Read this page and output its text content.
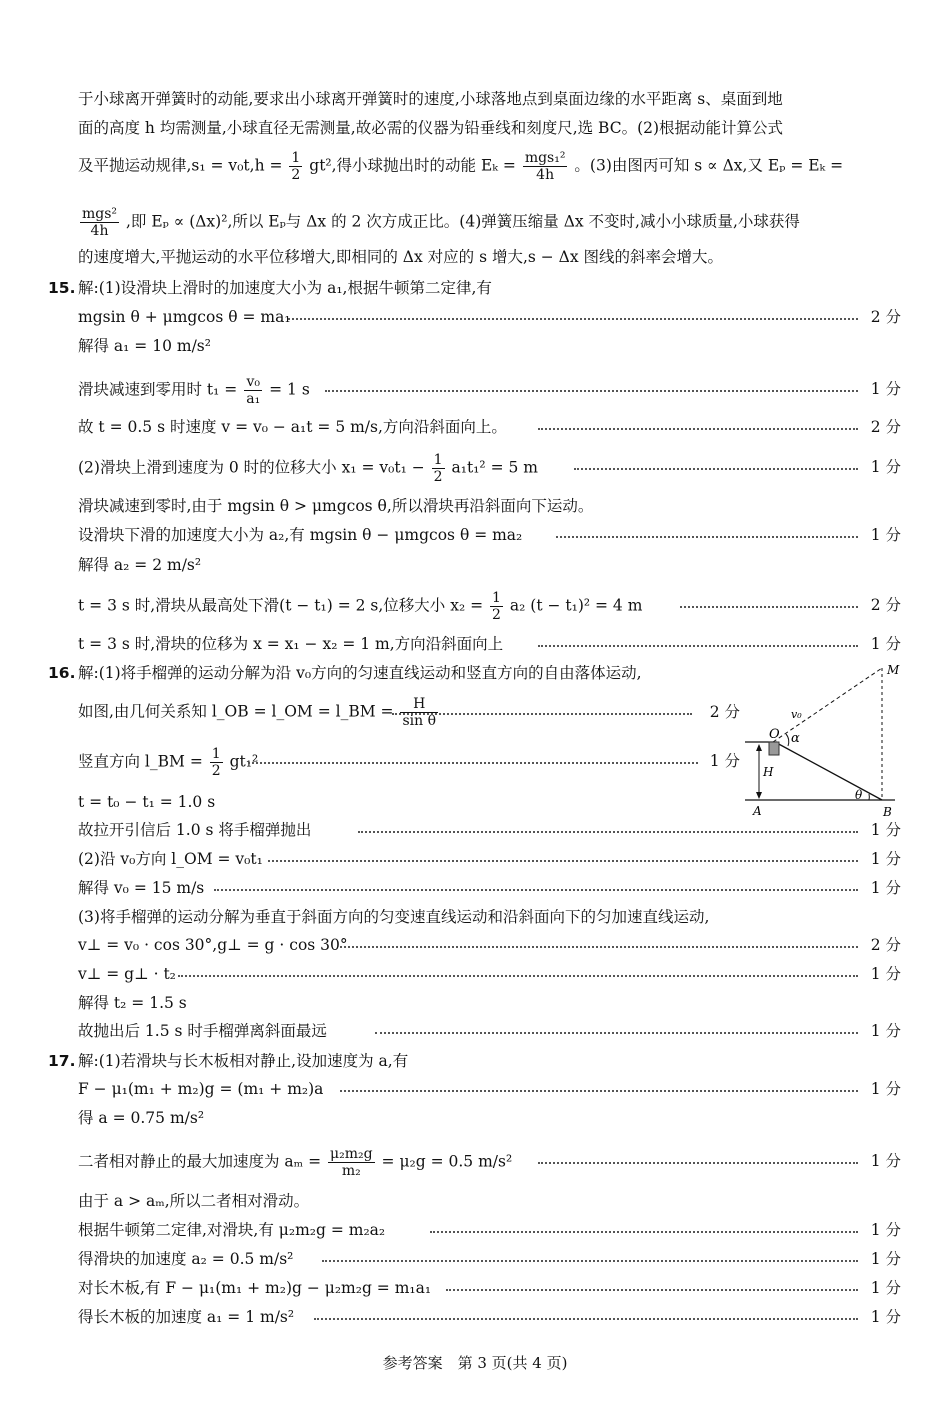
于小球离开弹簧时的动能,要求出小球离开弹簧时的速度,小球落地点到桌面边缘的水平距离 s、桌面到地
面的高度 h 均需测量,小球直径无需测量,故必需的仪器为铅垂线和刻度尺,选 BC。(2)根据动能计算公式
及平抛运动规律$,s_1 = v_0t,h = \frac{1}{2} gt^2$,得小球抛出时的动能 $E_k = \frac{\text{mgs₁²}}{4h}$ 。(3)由图丙可知 s ∝ Δx,又 Eₚ = Eₖ =
$\frac{\text{mgs²}}{4h}$ ,即 Eₚ ∝ (Δx)²,所以 Eₚ与 Δx 的 2 次方成正比。(4)弹簧压缩量 Δx 不变时,减小小球质量,小球获得
的速度增大,平抛运动的水平位移增大,即相同的 Δx 对应的 s 增大,s − Δx 图线的斜率会增大。
15. 解:(1)设滑块上滑时的加速度大小为 a₁,根据牛顿第二定律,有
mgsin θ + μmgcos θ = ma₁	2 分
解得 a₁ = 10 m/s²
滑块减速到零用时 $t_1 = \frac{\text{v₀}}{\text{a₁}} = 1$ s	1 分
故 t = 0.5 s 时速度 v = v₀ − a₁t = 5 m/s,方向沿斜面向上。	2 分
(2)滑块上滑到速度为 0 时的位移大小 $x_1 = v_0t_1 - \frac{1}{2} a_1t_1^2 = 5$ m	1 分
滑块减速到零时,由于 mgsin θ > μmgcos θ,所以滑块再沿斜面向下运动。
设滑块下滑的加速度大小为 a₂,有 mgsin θ − μmgcos θ = ma₂	1 分
解得 a₂ = 2 m/s²
t = 3 s 时,滑块从最高处下滑(t − t₁) = 2 s,位移大小 $x_2 = \frac{1}{2} a_2$ (t − t₁)² = 4 m	2 分
t = 3 s 时,滑块的位移为 x = x₁ − x₂ = 1 m,方向沿斜面向上	1 分
16. 解:(1)将手榴弹的运动分解为沿 v₀方向的匀速直线运动和竖直方向的自由落体运动,
如图,由几何关系知 l_OB = l_OM = l_BM = $\frac{H}{\text{sin θ}}$	2 分
竖直方向 l_BM = $\frac{1}{2} gt_1^2$	1 分
t = t₀ − t₁ = 1.0 s
故拉开引信后 1.0 s 将手榴弹抛出	1 分
(2)沿 v₀方向 l_OM = v₀t₁	1 分
解得 v₀ = 15 m/s	1 分
(3)将手榴弹的运动分解为垂直于斜面方向的匀变速直线运动和沿斜面向下的匀加速直线运动,
v⊥ = v₀ · cos 30°,g⊥ = g · cos 30°	2 分
v⊥ = g⊥ · t₂	1 分
解得 t₂ = 1.5 s
故抛出后 1.5 s 时手榴弹离斜面最远	1 分
M
O
v₀
α
H
A	B
θ
17. 解:(1)若滑块与长木板相对静止,设加速度为 a,有
F − μ₁(m₁ + m₂)g = (m₁ + m₂)a	1 分
得 a = 0.75 m/s²
二者相对静止的最大加速度为 $a_m = \frac{\text{μ₂m₂g}}{\text{m₂}} = \mu_2g = 0.5$ m/s²	1 分
由于 a > aₘ,所以二者相对滑动。
根据牛顿第二定律,对滑块,有 μ₂m₂g = m₂a₂	1 分
得滑块的加速度 a₂ = 0.5 m/s²	1 分
对长木板,有 F − μ₁(m₁ + m₂)g − μ₂m₂g = m₁a₁	1 分
得长木板的加速度 a₁ = 1 m/s²	1 分
参考答案　第 3 页(共 4 页)
